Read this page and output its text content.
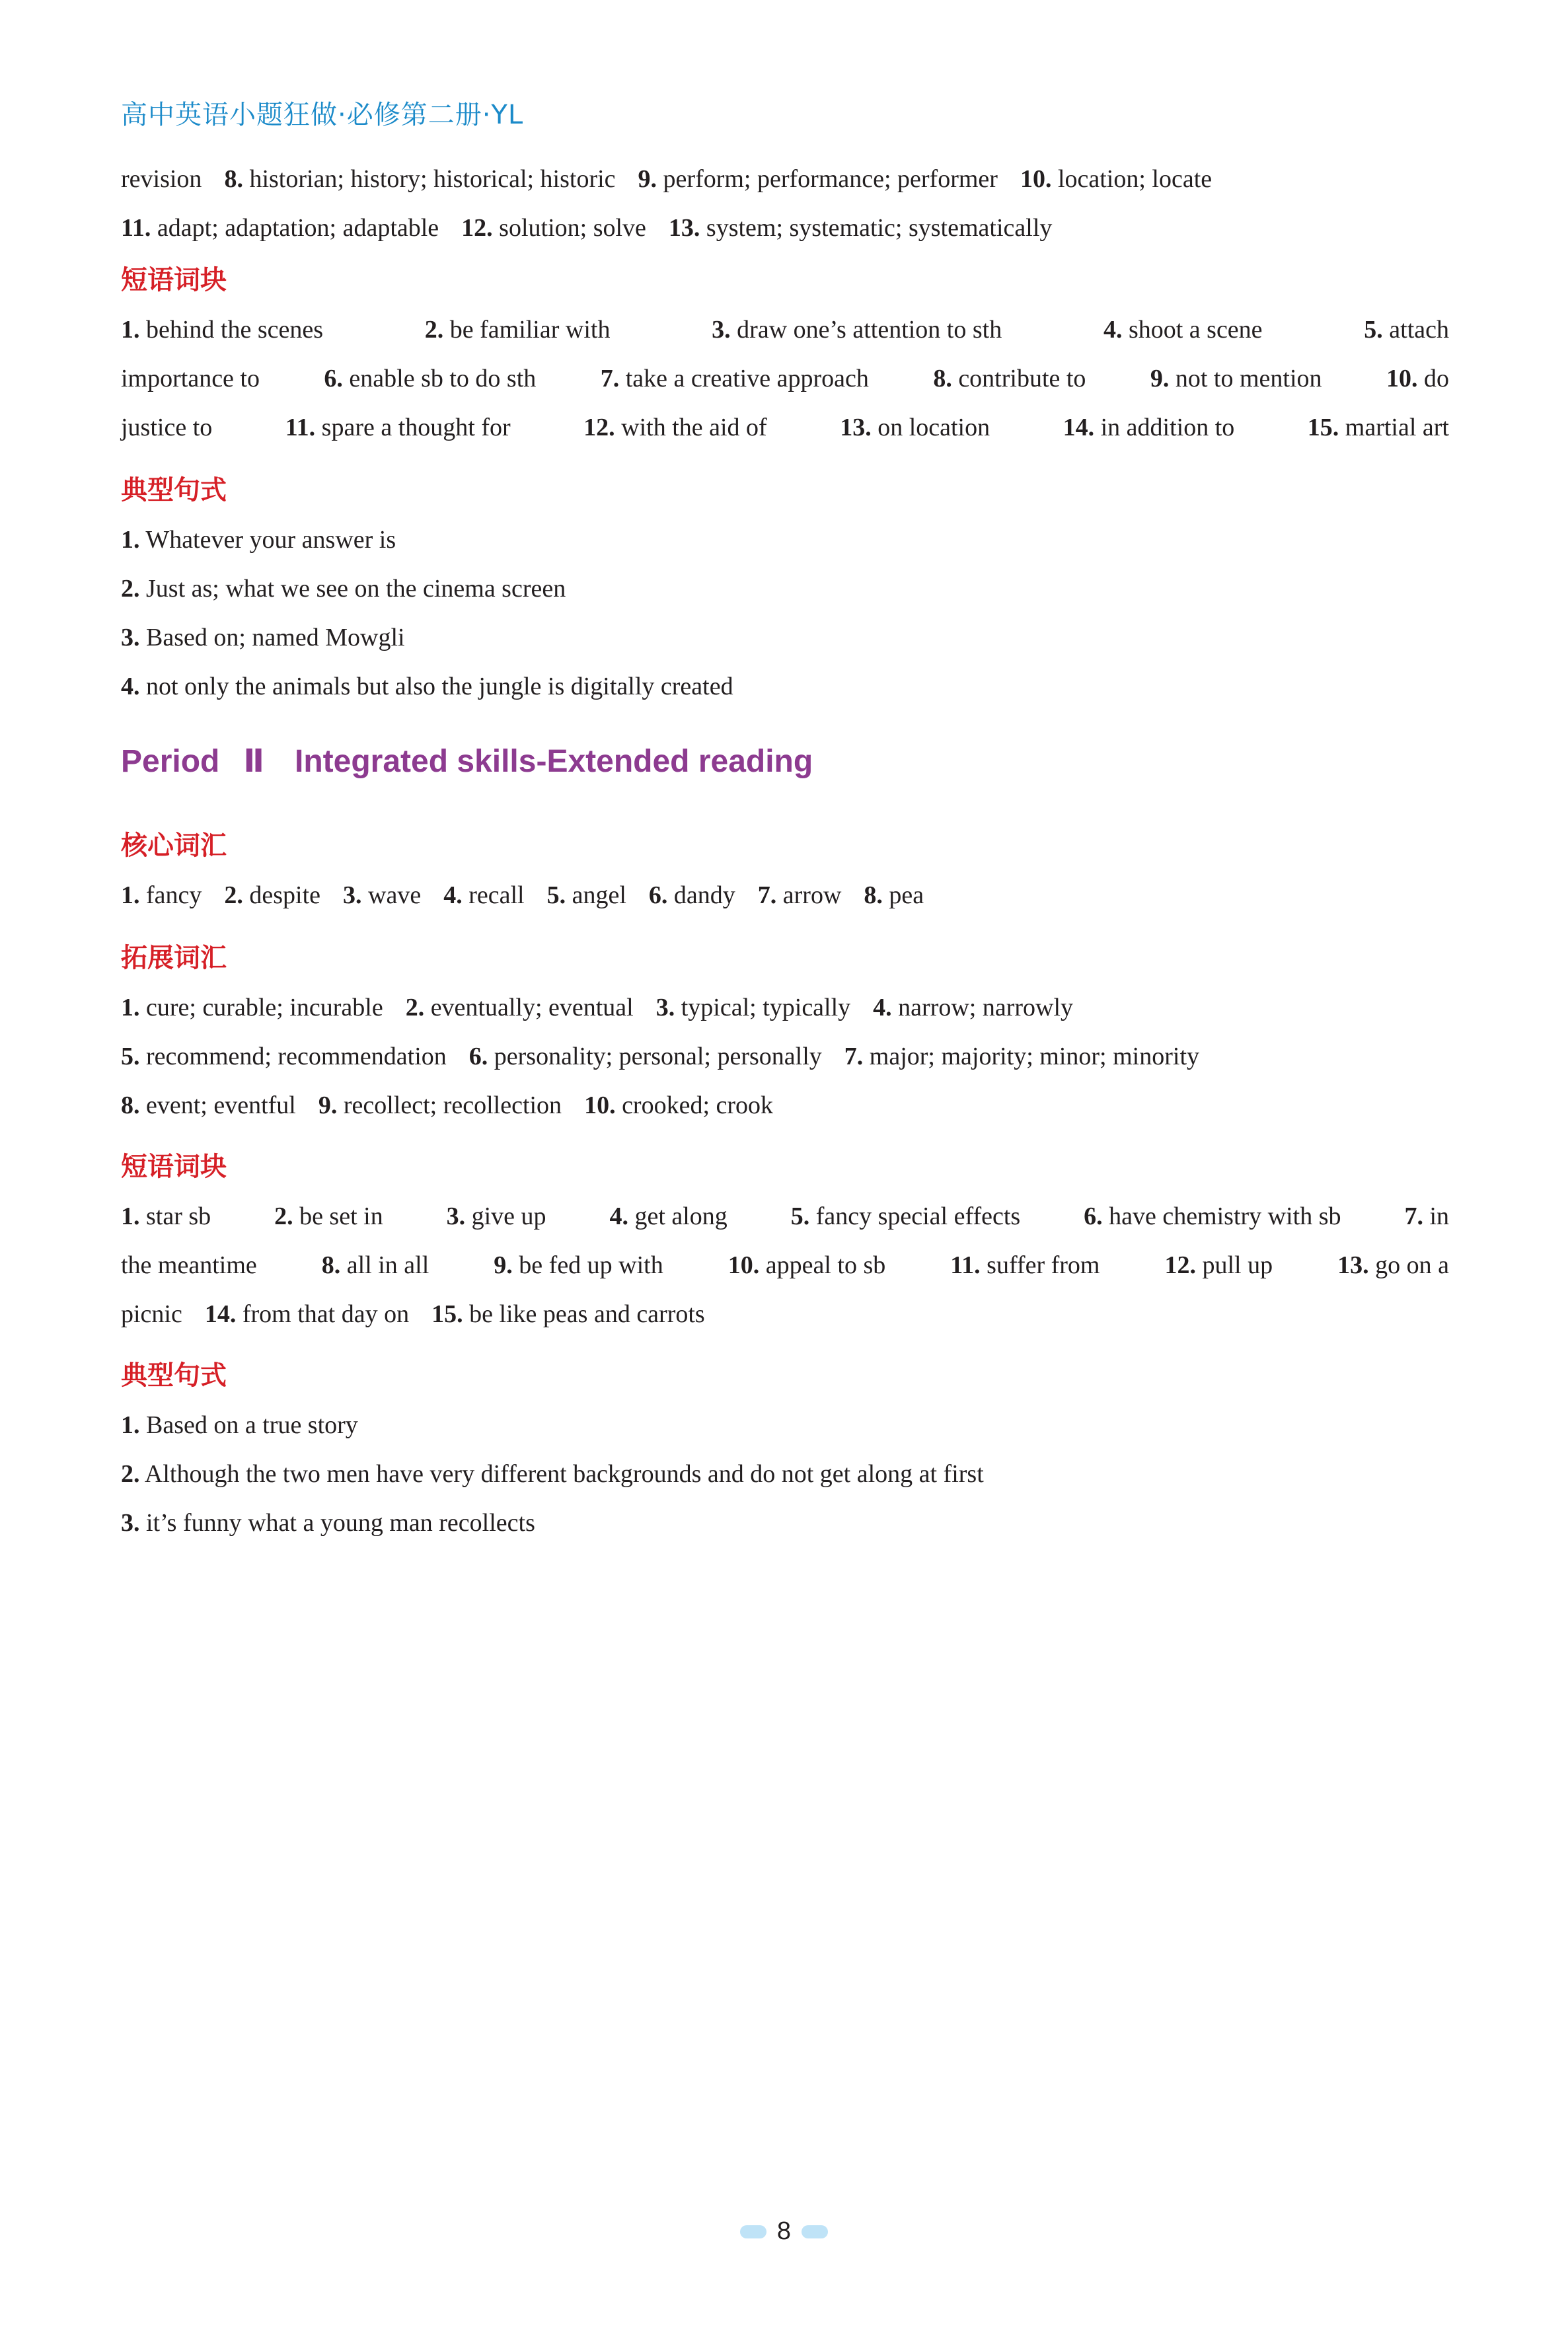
高中英语小题狂做·必修第二册·YL
revision 8. historian; history; historical; historic 9. perform; performance; performer 10. location; locate
11. adapt; adaptation; adaptable 12. solution; solve 13. system; systematic; systematically
短语词块
1. behind the scenes	2. be familiar with	3. draw one’s attention to sth	4. shoot a scene	5. attach
importance to	6. enable sb to do sth	7. take a creative approach	8. contribute to	9. not to mention	10. do
justice to	11. spare a thought for	12. with the aid of	13. on location	14. in addition to	15. martial art
典型句式
1. Whatever your answer is
2. Just as; what we see on the cinema screen
3. Based on; named Mowgli
4. not only the animals but also the jungle is digitally created
Period Ⅱ Integrated skills-Extended reading
核心词汇
1. fancy 2. despite 3. wave 4. recall 5. angel 6. dandy 7. arrow 8. pea
拓展词汇
1. cure; curable; incurable 2. eventually; eventual 3. typical; typically 4. narrow; narrowly
5. recommend; recommendation 6. personality; personal; personally 7. major; majority; minor; minority
8. event; eventful 9. recollect; recollection 10. crooked; crook
短语词块
1. star sb	2. be set in	3. give up	4. get along	5. fancy special effects	6. have chemistry with sb	7. in
the meantime	8. all in all	9. be fed up with	10. appeal to sb	11. suffer from	12. pull up	13. go on a
picnic 14. from that day on 15. be like peas and carrots
典型句式
1. Based on a true story
2. Although the two men have very different backgrounds and do not get along at first
3. it’s funny what a young man recollects
8
